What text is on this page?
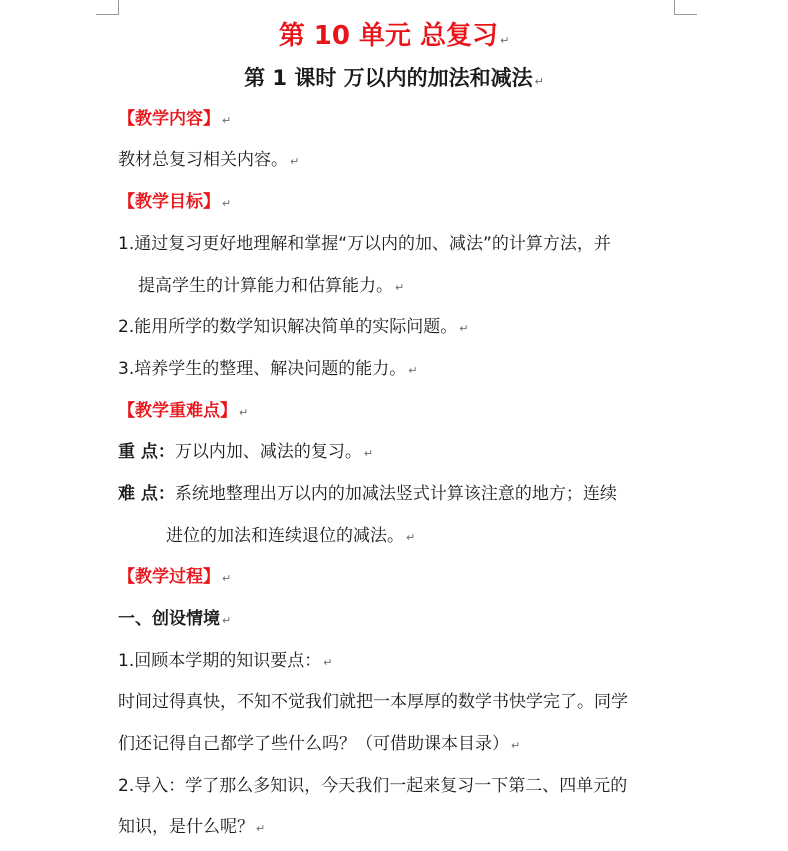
第 10 单元 总复习 ↵
第 1 课时 万以内的加法和减法 ↵
【教学内容】 ↵
教材总复习相关内容。 ↵
【教学目标】 ↵
1.通过复习更好地理解和掌握“万以内的加、减法”的计算方法，并
提高学生的计算能力和估算能力。 ↵
2.能用所学的数学知识解决简单的实际问题。 ↵
3.培养学生的整理、解决问题的能力。 ↵
【教学重难点】 ↵
重 点：万以内加、减法的复习。 ↵
难 点：系统地整理出万以内的加减法竖式计算该注意的地方；连续
进位的加法和连续退位的减法。 ↵
【教学过程】 ↵
一、创设情境 ↵
1.回顾本学期的知识要点： ↵
时间过得真快，不知不觉我们就把一本厚厚的数学书快学完了。同学
们还记得自己都学了些什么吗？（可借助课本目录） ↵
2.导入：学了那么多知识，今天我们一起来复习一下第二、四单元的
知识，是什么呢？ ↵
